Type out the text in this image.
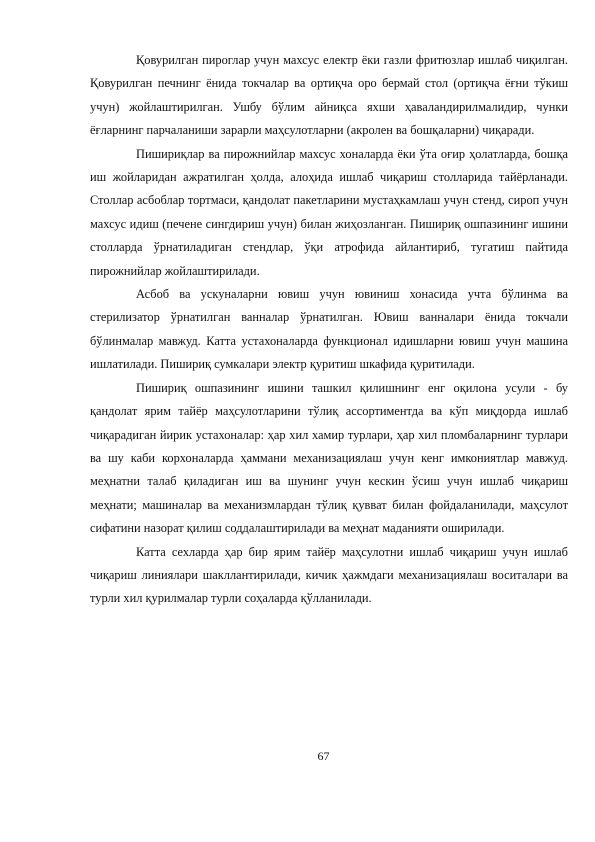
Қовурилган пироглар учун махсус електр ёки газли фритюзлар ишлаб чиқилган. Қовурилган печнинг ёнида токчалар ва ортиқча оро бермай стол (ортиқча ёғни тўкиш учун) жойлаштирилган. Ушбу бўлим айниқса яхши ҳаваландирилмалидир, чунки ёғларнинг парчаланиши зарарли маҳсулотларни (акролен ва бошқаларни) чиқаради.

Пишириқлар ва пирожнийлар махсус хоналарда ёки ўта оғир ҳолатларда, бошқа иш жойларидан ажратилган ҳолда, алоҳида ишлаб чиқариш столларида тайёрланади. Столлар асбоблар тортмаси, қандолат пакетларини мустаҳкамлаш учун стенд, сироп учун махсус идиш (печене сингдириш учун) билан жиҳозланган. Пишириқ ошпазининг ишини столларда ўрнатиладиган стендлар, ўқи атрофида айлантириб, тугатиш пайтида пирожнийлар жойлаштирилади.

Асбоб ва ускуналарни ювиш учун ювиниш хонасида учта бўлинма ва стерилизатор ўрнатилган ванналар ўрнатилган. Ювиш ванналари ёнида токчали бўлинмалар мавжуд. Катта устахоналарда функционал идишларни ювиш учун машина ишлатилади. Пишириқ сумкалари электр қуритиш шкафида қуритилади.

Пишириқ ошпазининг ишини ташкил қилишнинг енг оқилона усули - бу қандолат ярим тайёр маҳсулотларини тўлиқ ассортиментда ва кўп миқдорда ишлаб чиқарадиган йирик устахоналар: ҳар хил хамир турлари, ҳар хил пломбаларнинг турлари ва шу каби корхоналарда ҳаммани механизациялаш учун кенг имкониятлар мавжуд. меҳнатни талаб қиладиган иш ва шунинг учун кескин ўсиш учун ишлаб чиқариш меҳнати; машиналар ва механизмлардан тўлиқ қувват билан фойдаланилади, маҳсулот сифатини назорат қилиш соддалаштирилади ва меҳнат маданияти оширилади.

Катта сехларда ҳар бир ярим тайёр маҳсулотни ишлаб чиқариш учун ишлаб чиқариш линиялари шакллантирилади, кичик ҳажмдаги механизациялаш воситалари ва турли хил қурилмалар турли соҳаларда қўлланилади.

67
